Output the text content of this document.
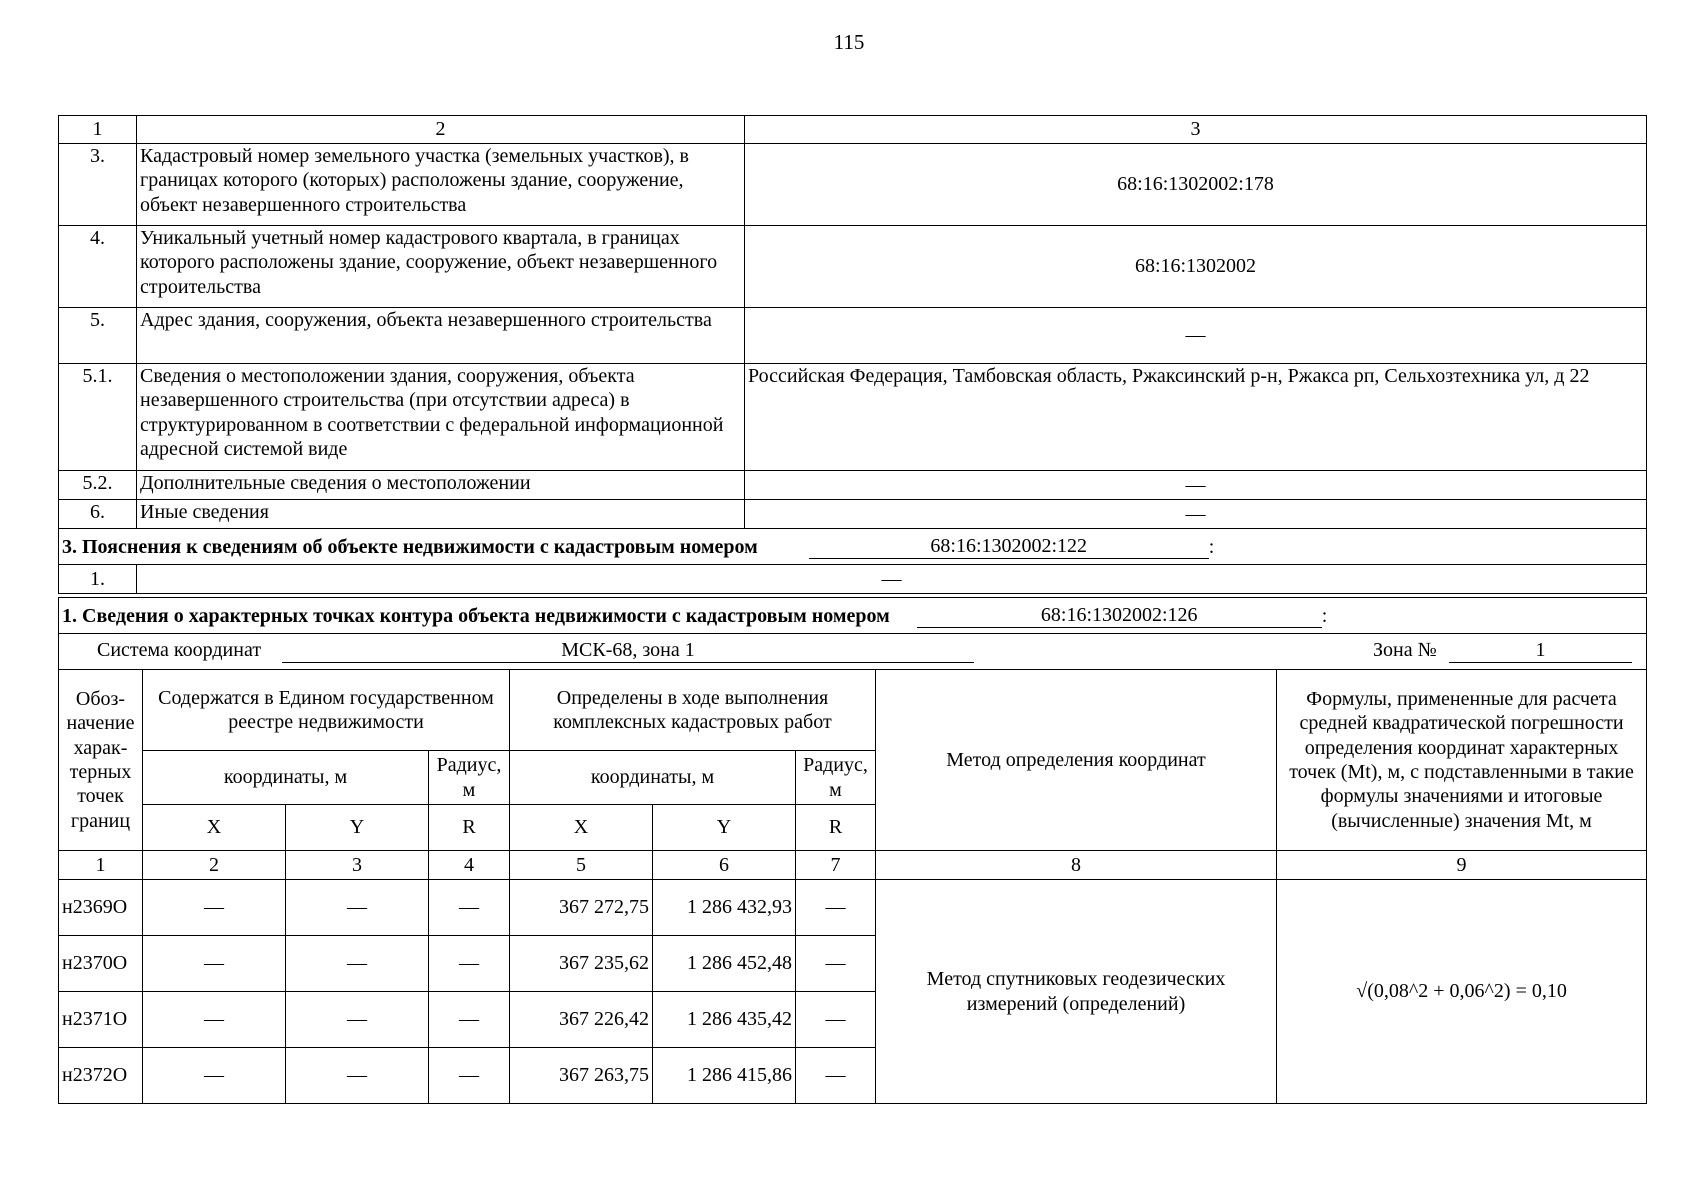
115
1	2	3
3.	Кадастровый номер земельного участка (земельных участков), в границах которого (которых) расположены здание, сооружение, объект незавершенного строительства	68:16:1302002:178
4.	Уникальный учетный номер кадастрового квартала, в границах которого расположены здание, сооружение, объект незавершенного строительства	68:16:1302002
5.	Адрес здания, сооружения, объекта незавершенного строительства	—
5.1.	Сведения о местоположении здания, сооружения, объекта незавершенного строительства (при отсутствии адреса) в структурированном в соответствии с федеральной информационной адресной системой виде	Российская Федерация, Тамбовская область, Ржаксинский р-н, Ржакса рп, Сельхозтехника ул, д 22
5.2.	Дополнительные сведения о местоположении	—
6.	Иные сведения	—
3. Пояснения к сведениям об объекте недвижимости с кадастровым номером 68:16:1302002:122 :		
1.	—	
1. Сведения о характерных точках контура объекта недвижимости с кадастровым номером 68:16:1302002:126 :								

Система координат МСК-68, зона 1 Зона № 1								

Обоз-начение харак-терных точек границ	Содержатся в Едином государственном реестре недвижимости			Определены в ходе выполнения комплексных кадастровых работ			Метод определения координат	Формулы, примененные для расчета средней квадратической погрешности определения координат характерных точек (Mt), м, с подставленными в такие формулы значениями и итоговые (вычисленные) значения Mt, м
	координаты, м		Радиус, м	координаты, м		Радиус, м		
	X	Y	R	X	Y	R		
1	2	3	4	5	6	7	8	9
н2369О	—	—	—	367 272,75	1 286 432,93	—	Метод спутниковых геодезических измерений (определений)	√(0,08^2 + 0,06^2) = 0,10
н2370О	—	—	—	367 235,62	1 286 452,48	—		
н2371О	—	—	—	367 226,42	1 286 435,42	—		
н2372О	—	—	—	367 263,75	1 286 415,86	—		
